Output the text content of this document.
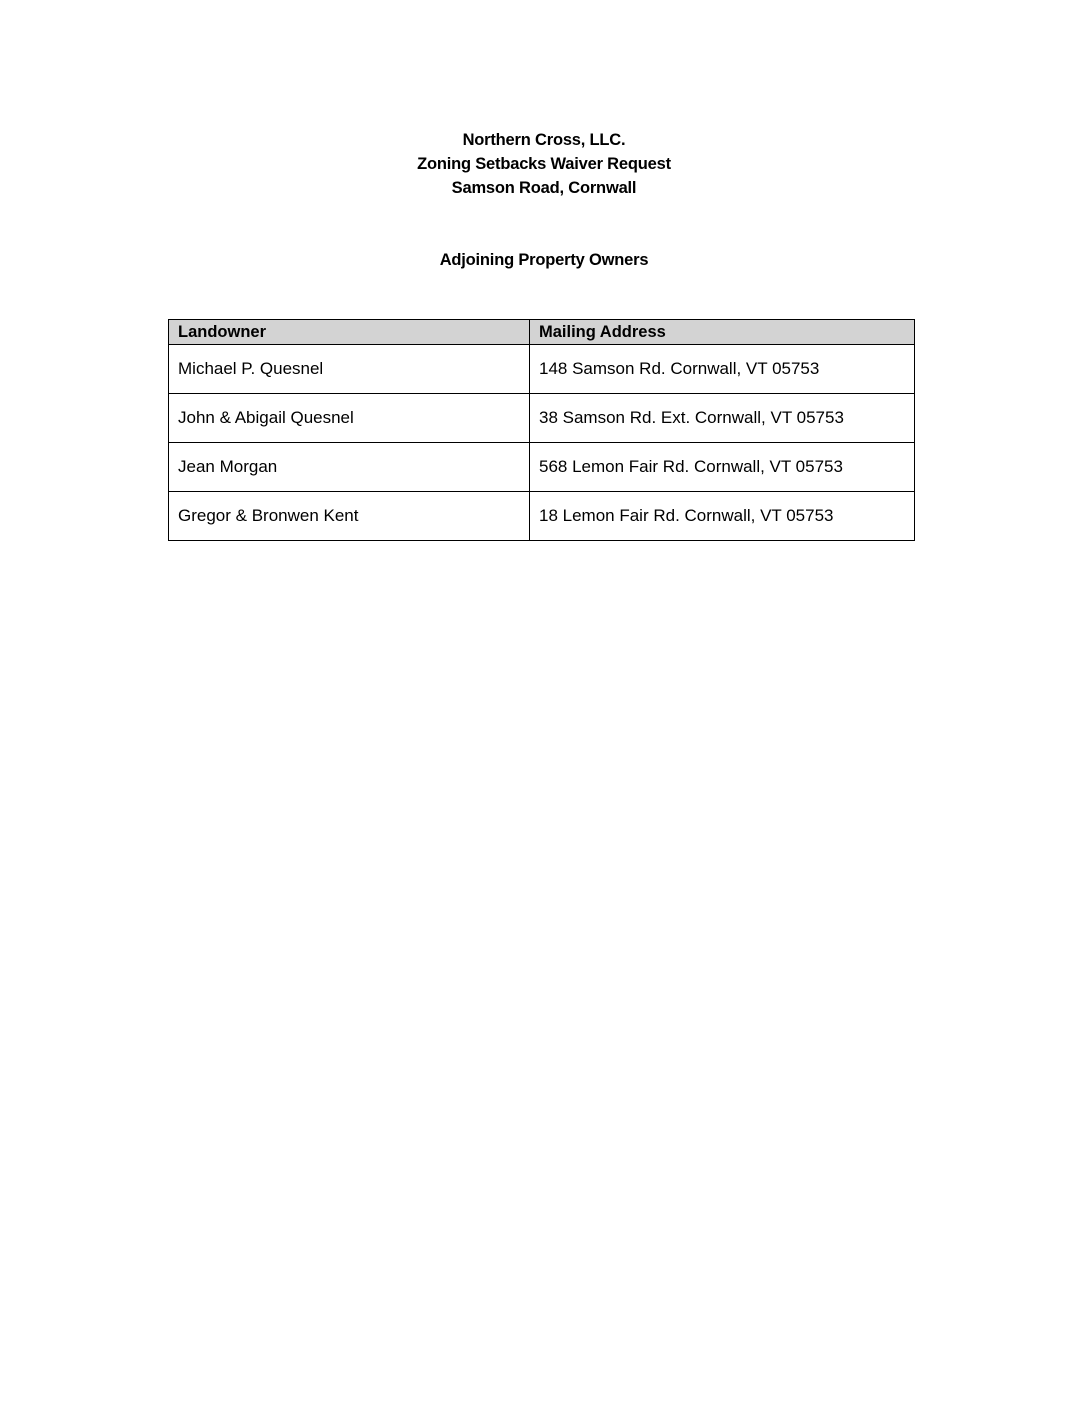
Northern Cross, LLC.
Zoning Setbacks Waiver Request
Samson Road, Cornwall
Adjoining Property Owners
Landowner	Mailing Address
Michael P. Quesnel	148 Samson Rd. Cornwall, VT 05753
John & Abigail Quesnel	38 Samson Rd. Ext. Cornwall, VT 05753
Jean Morgan	568 Lemon Fair Rd. Cornwall, VT 05753
Gregor & Bronwen Kent	18 Lemon Fair Rd. Cornwall, VT 05753
